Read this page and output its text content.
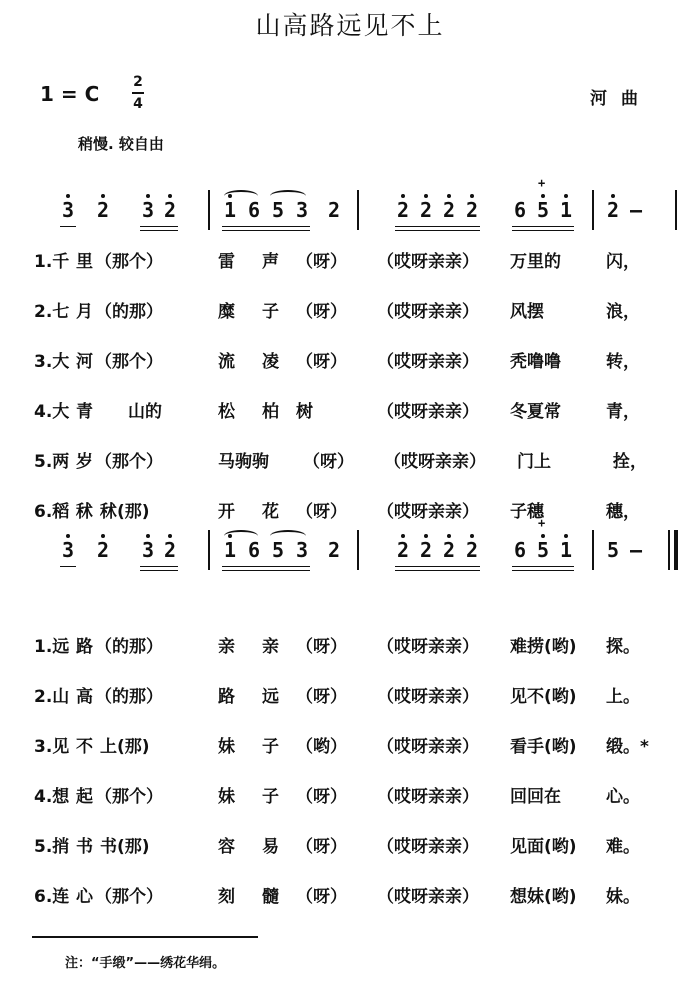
山高路远见不上
1 = C 2
4	河曲
稍慢. 较自由
3 2 3 2 1 6 5 3 2	2 2 2 2 6 5 + 1 2 —
1.千 里 （那个）	雷	声	（呀）	（哎呀亲亲）	万里的	闪，
2.七 月 （的那）	糜	子	（呀）	（哎呀亲亲）	风摆	浪，
3.大 河 （那个）	流	凌	（呀）	（哎呀亲亲）	秃噜噜	转，
4.大 青	山的	松	柏	树	（哎呀亲亲）	冬夏常	青，
5.两 岁 （那个）	马驹驹 （呀）	（哎呀亲亲）	门上	拴，
6.稻 秫 秫(那)	开	花	（呀）	（哎呀亲亲）	子穗	穗，
3 2 3 2 1 6 5 3 2	2 2 2 2 6 5 + 1 5 —
1.远 路 （的那）	亲	亲	（呀）	（哎呀亲亲）	难捞(哟)	探。
2.山 高 （的那）	路	远	（呀）	（哎呀亲亲）	见不(哟)	上。
3.见 不 上(那)	妹	子	（哟）	（哎呀亲亲）	看手(哟)	缎。*
4.想 起 （那个）	妹	子	（呀）	（哎呀亲亲）	回回在	心。
5.捎 书 书(那)	容	易	（呀）	（哎呀亲亲）	见面(哟)	难。
6.连 心 （那个）	刻	髓	（呀）	（哎呀亲亲）	想妹(哟)	妹。
注：“手缎”——绣花华绢。
